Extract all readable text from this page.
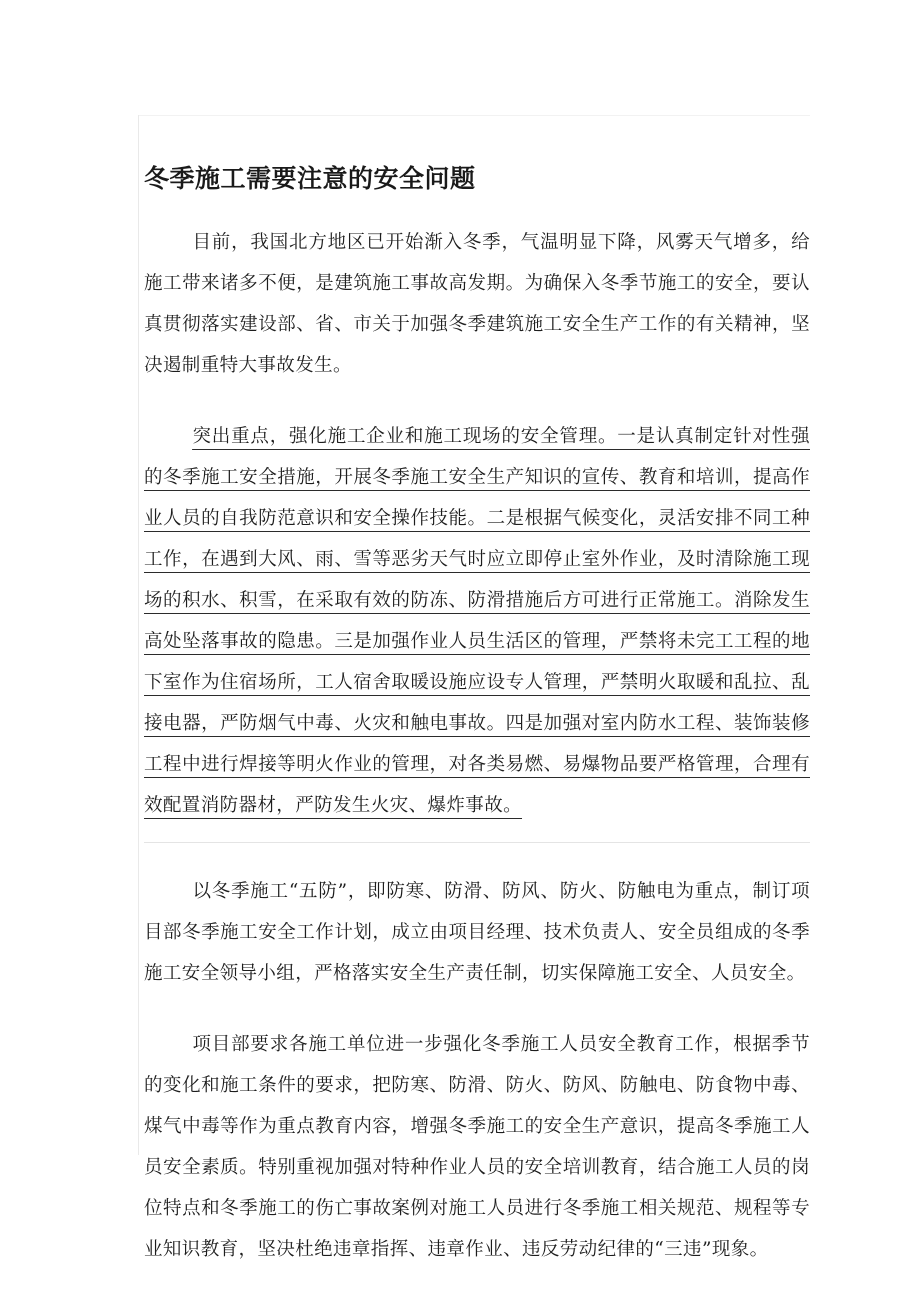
冬季施工需要注意的安全问题

目前，我国北方地区已开始渐入冬季，气温明显下降，风雾天气增多，给施工带来诸多不便，是建筑施工事故高发期。为确保入冬季节施工的安全，要认真贯彻落实建设部、省、市关于加强冬季建筑施工安全生产工作的有关精神，坚决遏制重特大事故发生。

突出重点，强化施工企业和施工现场的安全管理。一是认真制定针对性强的冬季施工安全措施，开展冬季施工安全生产知识的宣传、教育和培训，提高作业人员的自我防范意识和安全操作技能。二是根据气候变化，灵活安排不同工种工作，在遇到大风、雨、雪等恶劣天气时应立即停止室外作业，及时清除施工现场的积水、积雪，在采取有效的防冻、防滑措施后方可进行正常施工。消除发生高处坠落事故的隐患。三是加强作业人员生活区的管理，严禁将未完工工程的地下室作为住宿场所，工人宿舍取暖设施应设专人管理，严禁明火取暖和乱拉、乱接电器，严防烟气中毒、火灾和触电事故。四是加强对室内防水工程、装饰装修工程中进行焊接等明火作业的管理，对各类易燃、易爆物品要严格管理，合理有效配置消防器材，严防发生火灾、爆炸事故。

以冬季施工“五防”，即防寒、防滑、防风、防火、防触电为重点，制订项目部冬季施工安全工作计划，成立由项目经理、技术负责人、安全员组成的冬季施工安全领导小组，严格落实安全生产责任制，切实保障施工安全、人员安全。

项目部要求各施工单位进一步强化冬季施工人员安全教育工作，根据季节的变化和施工条件的要求，把防寒、防滑、防火、防风、防触电、防食物中毒、煤气中毒等作为重点教育内容，增强冬季施工的安全生产意识，提高冬季施工人员安全素质。特别重视加强对特种作业人员的安全培训教育，结合施工人员的岗位特点和冬季施工的伤亡事故案例对施工人员进行冬季施工相关规范、规程等专业知识教育，坚决杜绝违章指挥、违章作业、违反劳动纪律的“三违”现象。
